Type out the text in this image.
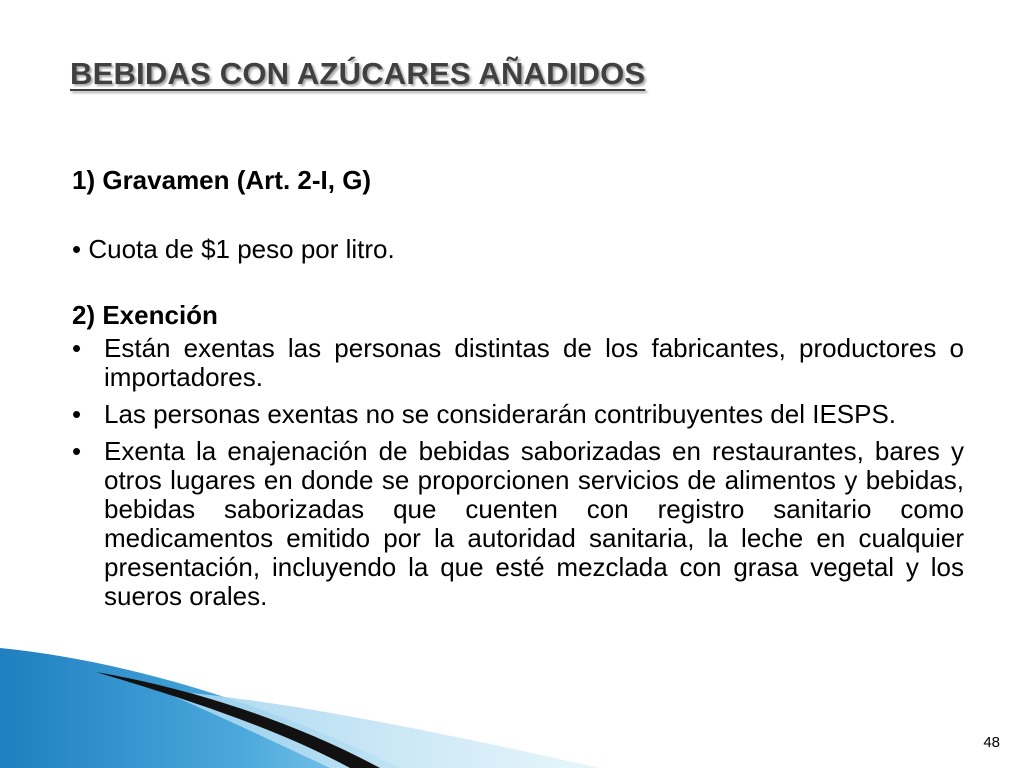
BEBIDAS CON AZÚCARES AÑADIDOS

1) Gravamen (Art. 2-I, G)

• Cuota de $1 peso por litro.

2) Exención

• Están exentas las personas distintas de los fabricantes, productores o importadores.
• Las personas exentas no se considerarán contribuyentes del IESPS.
• Exenta la enajenación de bebidas saborizadas en restaurantes, bares y otros lugares en donde se proporcionen servicios de alimentos y bebidas, bebidas saborizadas que cuenten con registro sanitario como medicamentos emitido por la autoridad sanitaria, la leche en cualquier presentación, incluyendo la que esté mezclada con grasa vegetal y los sueros orales.
48
